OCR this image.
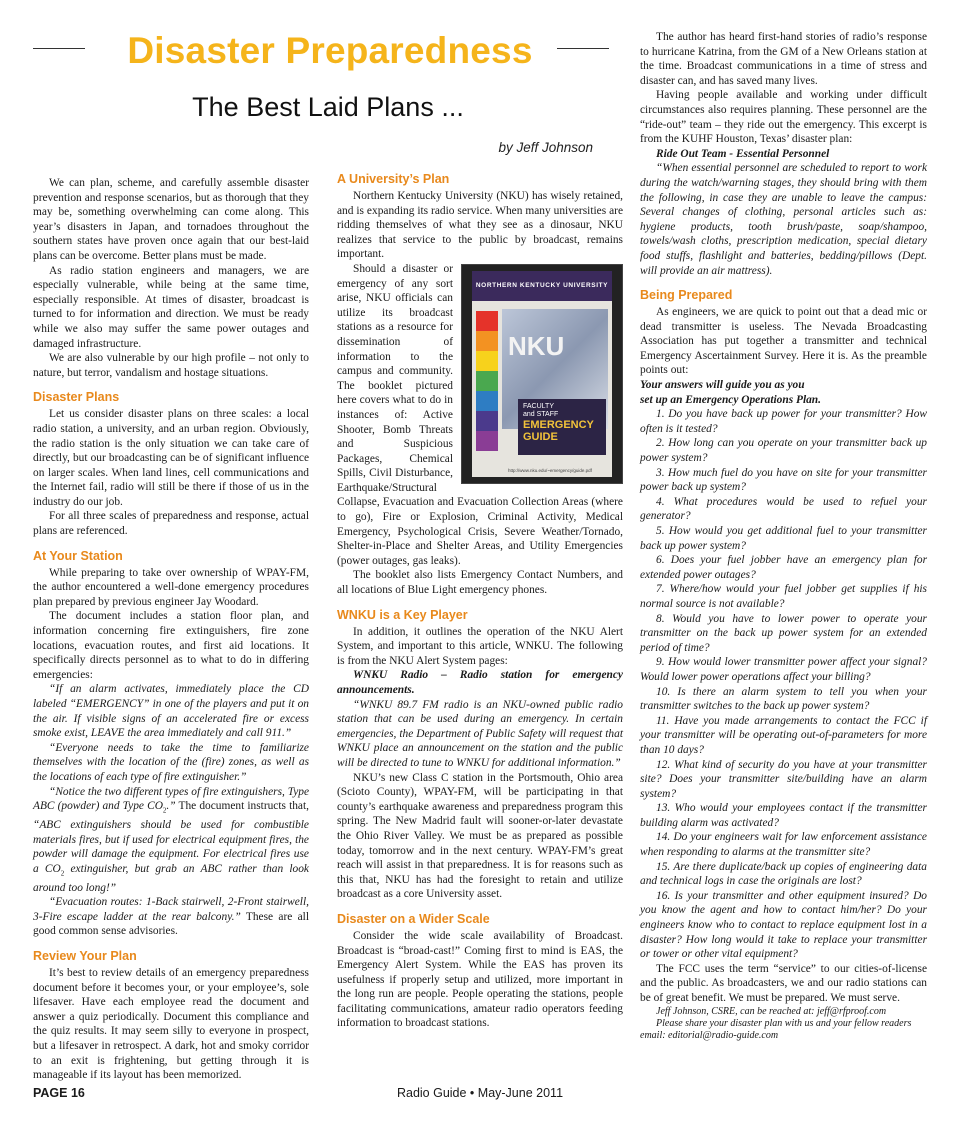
Disaster Preparedness
The Best Laid Plans ...
by Jeff Johnson

We can plan, scheme, and carefully assemble disaster prevention and response scenarios, but as thorough that they may be, something overwhelming can come along. This year’s disasters in Japan, and tornadoes throughout the southern states have proven once again that our best-laid plans can be overcome. Better plans must be made.

As radio station engineers and managers, we are especially vulnerable, while being at the same time, especially responsible. At times of disaster, broadcast is turned to for information and direction. We must be ready while we also may suffer the same power outages and damaged infrastructure.

We are also vulnerable by our high profile – not only to nature, but terror, vandalism and hostage situations.

Disaster Plans

Let us consider disaster plans on three scales: a local radio station, a university, and an urban region. Obviously, the radio station is the only situation we can take care of directly, but our broadcasting can be of significant influence on larger scales. When land lines, cell communications and the Internet fail, radio will still be there if those of us in the industry do our job.

For all three scales of preparedness and response, actual plans are referenced.

At Your Station

While preparing to take over ownership of WPAY-FM, the author encountered a well-done emergency procedures plan prepared by previous engineer Jay Woodard.

The document includes a station floor plan, and information concerning fire extinguishers, fire zone locations, evacuation routes, and first aid locations. It specifically directs personnel as to what to do in differing emergencies:

“If an alarm activates, immediately place the CD labeled “EMERGENCY” in one of the players and put it on the air. If visible signs of an accelerated fire or excess smoke exist, LEAVE the area immediately and call 911.”

“Everyone needs to take the time to familiarize themselves with the location of the (fire) zones, as well as the locations of each type of fire extinguisher.”

“Notice the two different types of fire extinguishers, Type ABC (powder) and Type $CO_2$.” The document instructs that, “ABC extinguishers should be used for combustible materials fires, but if used for electrical equipment fires, the powder will damage the equipment. For electrical fires use a $CO_2$ extinguisher, but grab an ABC rather than look around too long!”

“Evacuation routes: 1-Back stairwell, 2-Front stairwell, 3-Fire escape ladder at the rear balcony.” These are all good common sense advisories.

Review Your Plan

It’s best to review details of an emergency preparedness document before it becomes your, or your employee’s, sole lifesaver. Have each employee read the document and answer a quiz periodically. Document this compliance and the quiz results. It may seem silly to everyone in prospect, but a lifesaver in retrospect. A dark, hot and smoky corridor to an exit is frightening, but getting through it is manageable if its layout has been memorized.

A University’s Plan

Northern Kentucky University (NKU) has wisely retained, and is expanding its radio service. When many universities are ridding themselves of what they see as a dinosaur, NKU realizes that service to the public by broadcast, remains important.

NORTHERN KENTUCKY UNIVERSITY
NKU
FACULTY
and STAFF
EMERGENCY
GUIDE
http://www.nku.edu/~emergency/guide.pdf

Should a disaster or emergency of any sort arise, NKU officials can utilize its broadcast stations as a resource for dissemination of information to the campus and community. The booklet pictured here covers what to do in instances of: Active Shooter, Bomb Threats and Suspicious Packages, Chemical Spills, Civil Disturbance, Earthquake/Structural Collapse, Evacuation and Evacuation Collection Areas (where to go), Fire or Explosion, Criminal Activity, Medical Emergency, Psychological Crisis, Severe Weather/Tornado, Shelter-in-Place and Shelter Areas, and Utility Emergencies (power outages, gas leaks).

The booklet also lists Emergency Contact Numbers, and all locations of Blue Light emergency phones.

WNKU is a Key Player

In addition, it outlines the operation of the NKU Alert System, and important to this article, WNKU. The following is from the NKU Alert System pages:

WNKU Radio – Radio station for emergency announcements.

“WNKU 89.7 FM radio is an NKU-owned public radio station that can be used during an emergency. In certain emergencies, the Department of Public Safety will request that WNKU place an announcement on the station and the public will be directed to tune to WNKU for additional information.”

NKU’s new Class C station in the Portsmouth, Ohio area (Scioto County), WPAY-FM, will be participating in that county’s earthquake awareness and preparedness program this spring. The New Madrid fault will sooner-or-later devastate the Ohio River Valley. We must be as prepared as possible today, tomorrow and in the next century. WPAY-FM’s great reach will assist in that preparedness. It is for reasons such as this that, NKU has had the foresight to retain and utilize broadcast as a core University asset.

Disaster on a Wider Scale

Consider the wide scale availability of Broadcast. Broadcast is “broad-cast!” Coming first to mind is EAS, the Emergency Alert System. While the EAS has proven its usefulness if properly setup and utilized, more important in the long run are people. People operating the stations, people facilitating communications, amateur radio operators feeding information to broadcast stations.

The author has heard first-hand stories of radio’s response to hurricane Katrina, from the GM of a New Orleans station at the time. Broadcast communications in a time of stress and disaster can, and has saved many lives.

Having people available and working under difficult circumstances also requires planning. These personnel are the “ride-out” team – they ride out the emergency. This excerpt is from the KUHF Houston, Texas’ disaster plan:

Ride Out Team - Essential Personnel

“When essential personnel are scheduled to report to work during the watch/warning stages, they should bring with them the following, in case they are unable to leave the campus: Several changes of clothing, personal articles such as: hygiene products, tooth brush/paste, soap/shampoo, towels/wash cloths, prescription medication, special dietary food stuffs, flashlight and batteries, bedding/pillows (Dept. will provide an air mattress).

Being Prepared

As engineers, we are quick to point out that a dead mic or dead transmitter is useless. The Nevada Broadcasting Association has put together a transmitter and technical Emergency Ascertainment Survey. Here it is. As the preamble points out:

Your answers will guide you as you

set up an Emergency Operations Plan.

1. Do you have back up power for your transmitter? How often is it tested?

2. How long can you operate on your transmitter back up power system?

3. How much fuel do you have on site for your transmitter power back up system?

4. What procedures would be used to refuel your generator?

5. How would you get additional fuel to your transmitter back up power system?

6. Does your fuel jobber have an emergency plan for extended power outages?

7. Where/how would your fuel jobber get supplies if his normal source is not available?

8. Would you have to lower power to operate your transmitter on the back up power system for an extended period of time?

9. How would lower transmitter power affect your signal? Would lower power operations affect your billing?

10. Is there an alarm system to tell you when your transmitter switches to the back up power system?

11. Have you made arrangements to contact the FCC if your transmitter will be operating out-of-parameters for more than 10 days?

12. What kind of security do you have at your transmitter site? Does your transmitter site/building have an alarm system?

13. Who would your employees contact if the transmitter building alarm was activated?

14. Do your engineers wait for law enforcement assistance when responding to alarms at the transmitter site?

15. Are there duplicate/back up copies of engineering data and technical logs in case the originals are lost?

16. Is your transmitter and other equipment insured? Do you know the agent and how to contact him/her? Do your engineers know who to contact to replace equipment lost in a disaster? How long would it take to replace your transmitter or tower or other vital equipment?

The FCC uses the term “service” to our cities-of-license and the public. As broadcasters, we and our radio stations can be of great benefit. We must be prepared. We must serve.

Jeff Johnson, CSRE, can be reached at: jeff@rfproof.com

Please share your disaster plan with us and your fellow readers

email: editorial@radio-guide.com

Radio Guide • May-June 2011
PAGE 16
